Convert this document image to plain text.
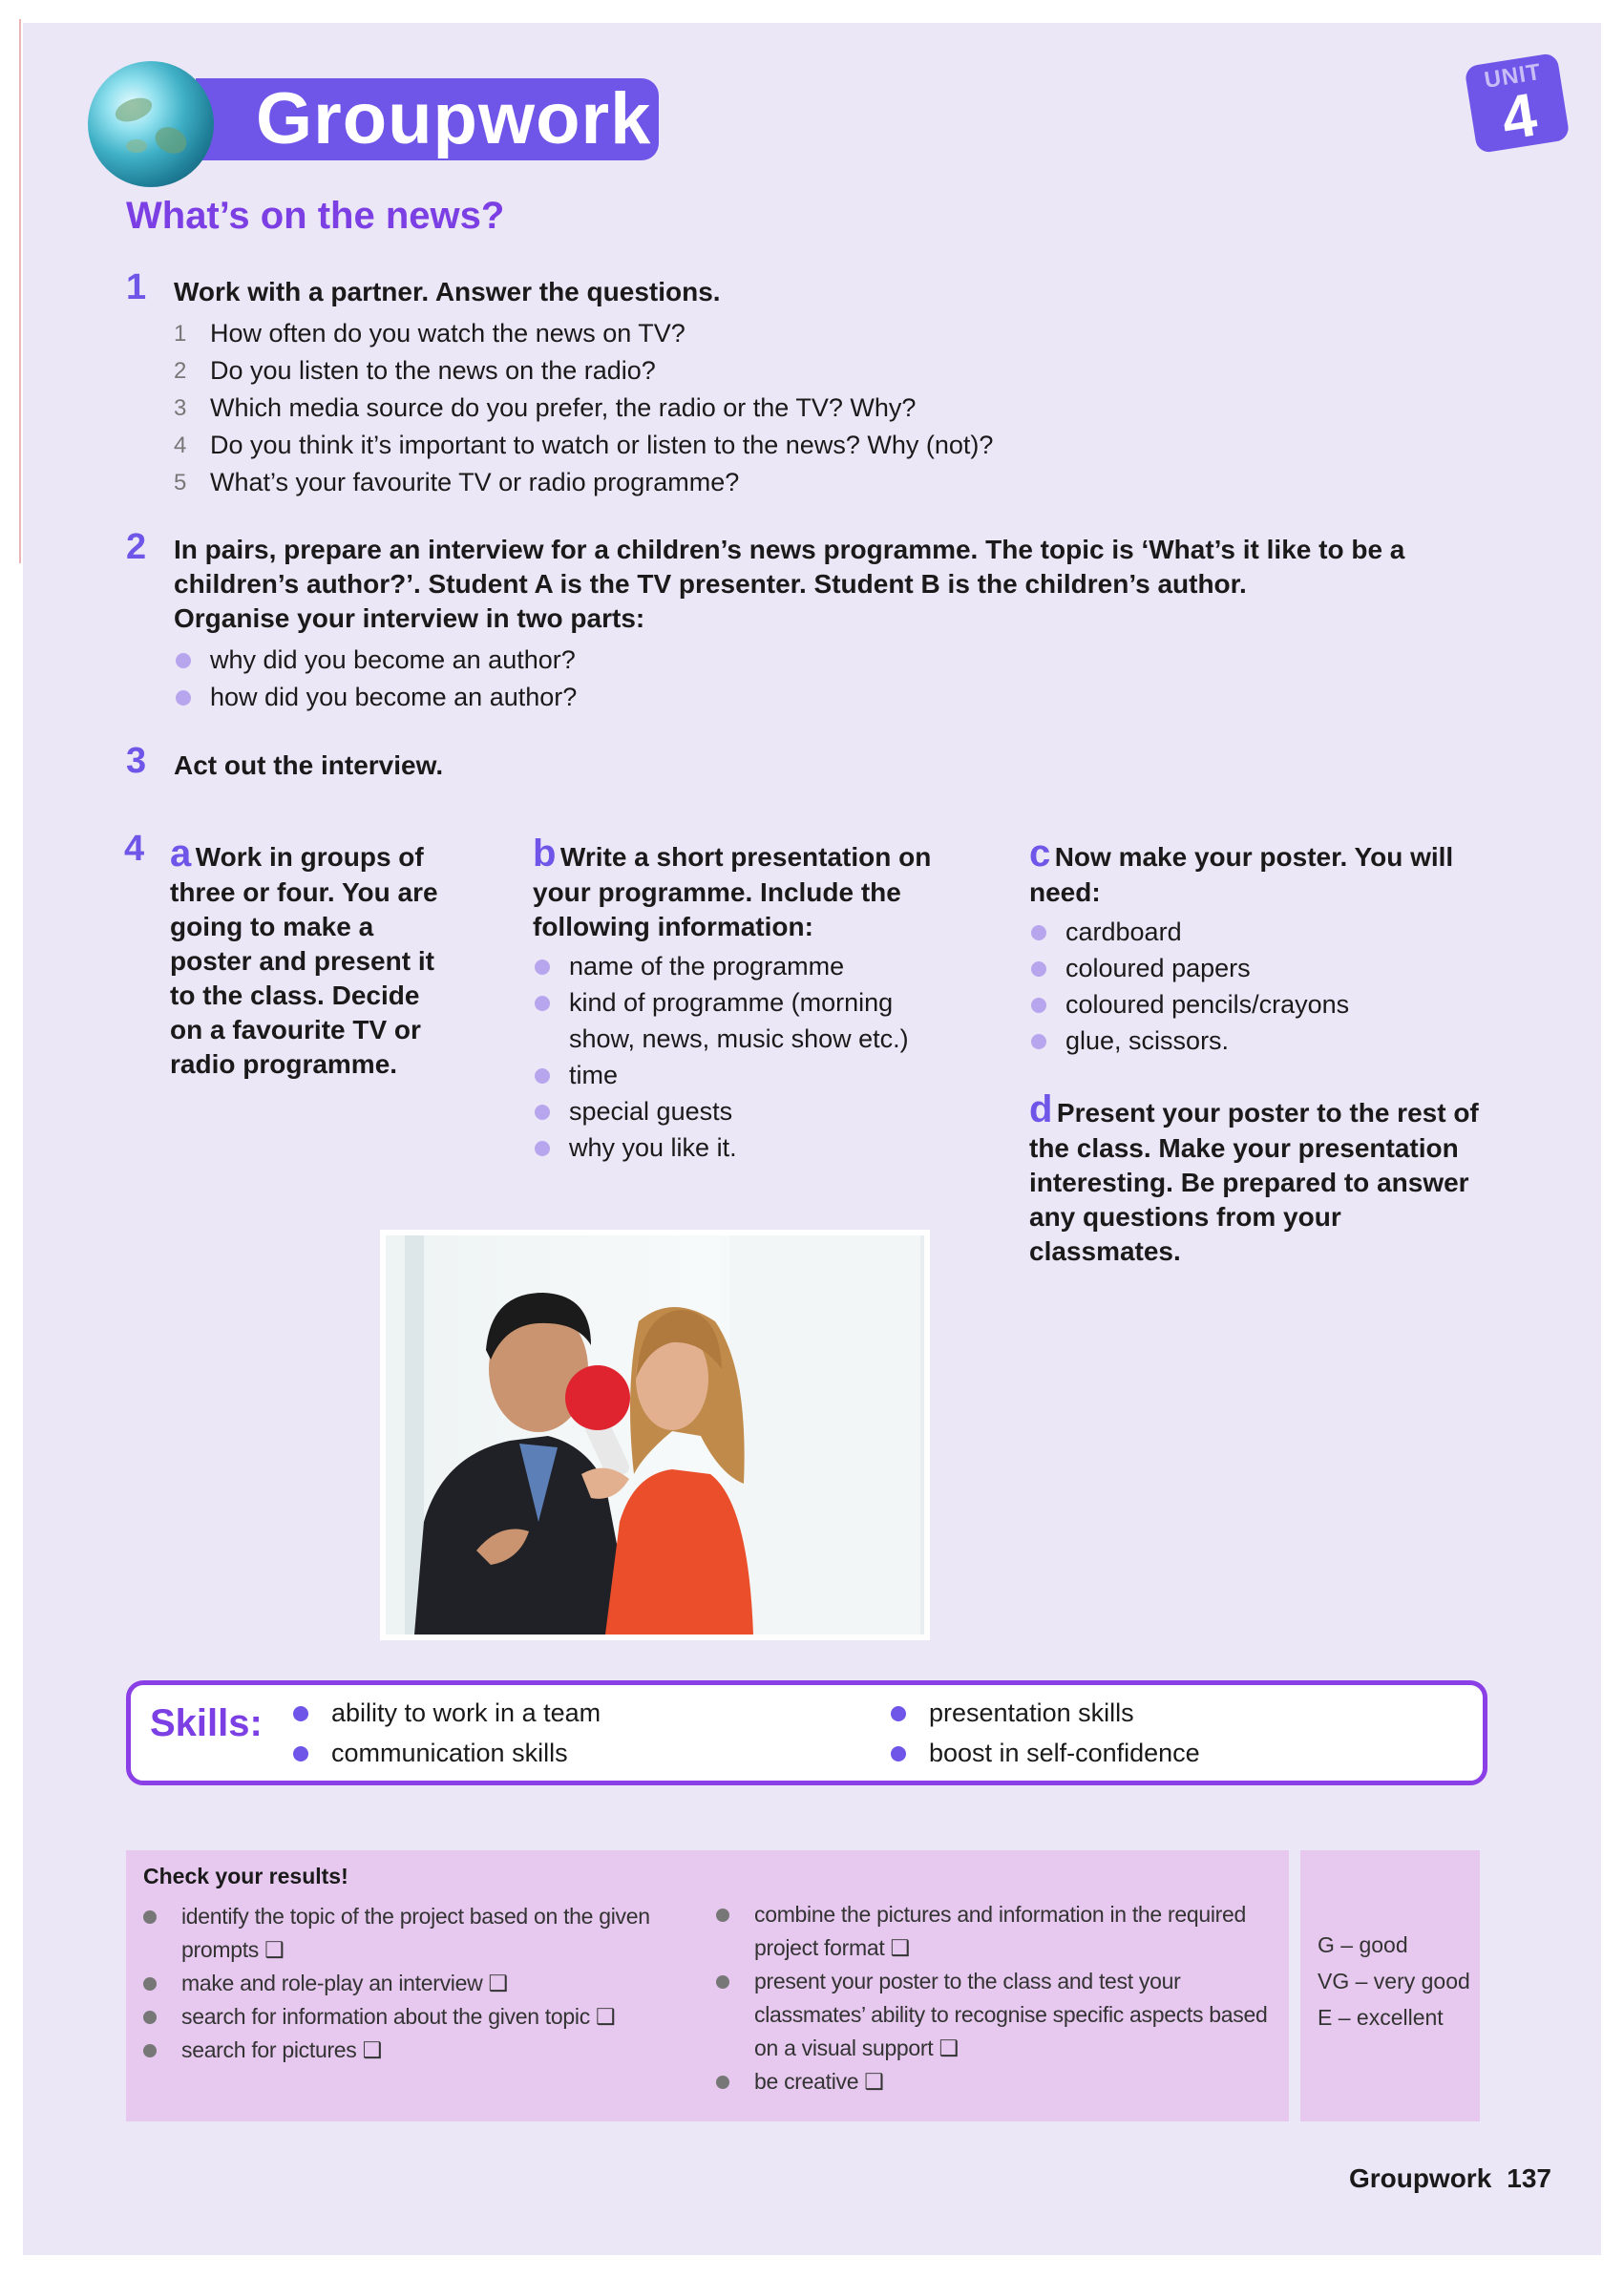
Groupwork
UNIT
4
What’s on the news?
1 Work with a partner. Answer the questions.
1 How often do you watch the news on TV?
2 Do you listen to the news on the radio?
3 Which media source do you prefer, the radio or the TV? Why?
4 Do you think it’s important to watch or listen to the news? Why (not)?
5 What’s your favourite TV or radio programme?
2 In pairs, prepare an interview for a children’s news programme. The topic is ‘What’s it like to be a
children’s author?’. Student A is the TV presenter. Student B is the children’s author.
Organise your interview in two parts:
why did you become an author?
how did you become an author?
3 Act out the interview.
4 a Work in groups of three or four. You are going to make a poster and present it to the class. Decide on a favourite TV or radio programme.
b Write a short presentation on your programme. Include the following information:
name of the programme
kind of programme (morning show, news, music show etc.)
time
special guests
why you like it.
c Now make your poster. You will need:
cardboard
coloured papers
coloured pencils/crayons
glue, scissors.
d Present your poster to the rest of the class. Make your presentation interesting. Be prepared to answer any questions from your classmates.
Skills:	ability to work in a team
communication skills
presentation skills
boost in self-confidence
Check your results!
identify the topic of the project based on the given prompts ❑
make and role-play an interview ❑
search for information about the given topic ❑
search for pictures ❑
combine the pictures and information in the required project format ❑
present your poster to the class and test your classmates’ ability to recognise specific aspects based on a visual support ❑
be creative ❑
G – good
VG – very good
E – excellent
Groupwork 137
